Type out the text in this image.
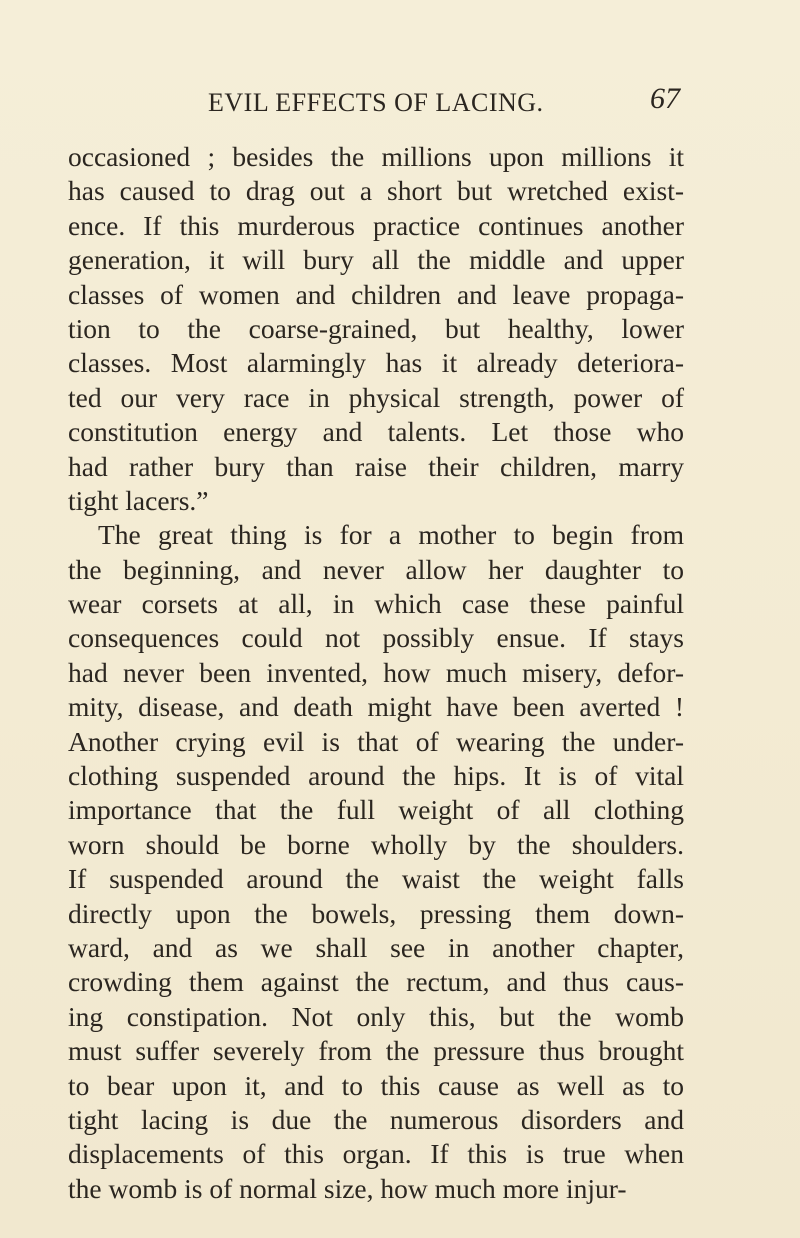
EVIL EFFECTS OF LACING.	67
occasioned ; besides the millions upon millions it
has caused to drag out a short but wretched exist-
ence. If this murderous practice continues another
generation, it will bury all the middle and upper
classes of women and children and leave propaga-
tion to the coarse-grained, but healthy, lower
classes. Most alarmingly has it already deteriora-
ted our very race in physical strength, power of
constitution energy and talents. Let those who
had rather bury than raise their children, marry
tight lacers.”
The great thing is for a mother to begin from
the beginning, and never allow her daughter to
wear corsets at all, in which case these painful
consequences could not possibly ensue. If stays
had never been invented, how much misery, defor-
mity, disease, and death might have been averted !
Another crying evil is that of wearing the under-
clothing suspended around the hips. It is of vital
importance that the full weight of all clothing
worn should be borne wholly by the shoulders.
If suspended around the waist the weight falls
directly upon the bowels, pressing them down-
ward, and as we shall see in another chapter,
crowding them against the rectum, and thus caus-
ing constipation. Not only this, but the womb
must suffer severely from the pressure thus brought
to bear upon it, and to this cause as well as to
tight lacing is due the numerous disorders and
displacements of this organ. If this is true when
the womb is of normal size, how much more injur-
